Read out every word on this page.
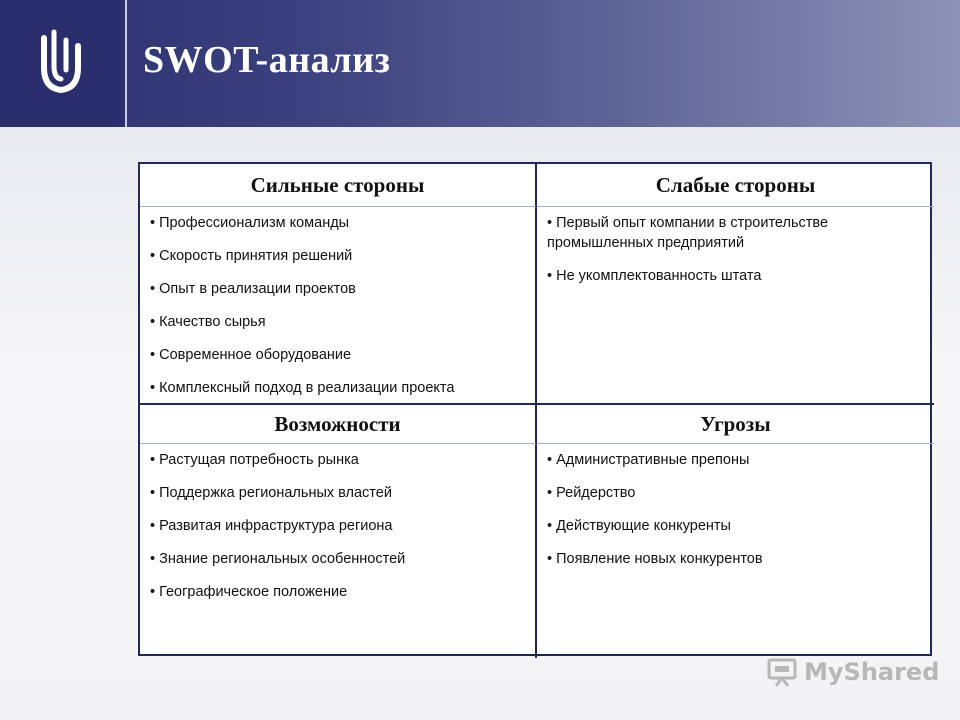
SWOT-анализ
Сильные стороны	Слабые стороны
• Профессионализм команды
• Скорость принятия решений
• Опыт в реализации проектов
• Качество сырья
• Современное оборудование
• Комплексный подход в реализации проекта
• Первый опыт компании в строительстве промышленных предприятий
• Не укомплектованность штата
Возможности	Угрозы
• Растущая потребность рынка
• Поддержка региональных властей
• Развитая инфраструктура региона
• Знание региональных особенностей
• Географическое положение
• Административные препоны
• Рейдерство
• Действующие конкуренты
• Появление новых конкурентов
MyShared
